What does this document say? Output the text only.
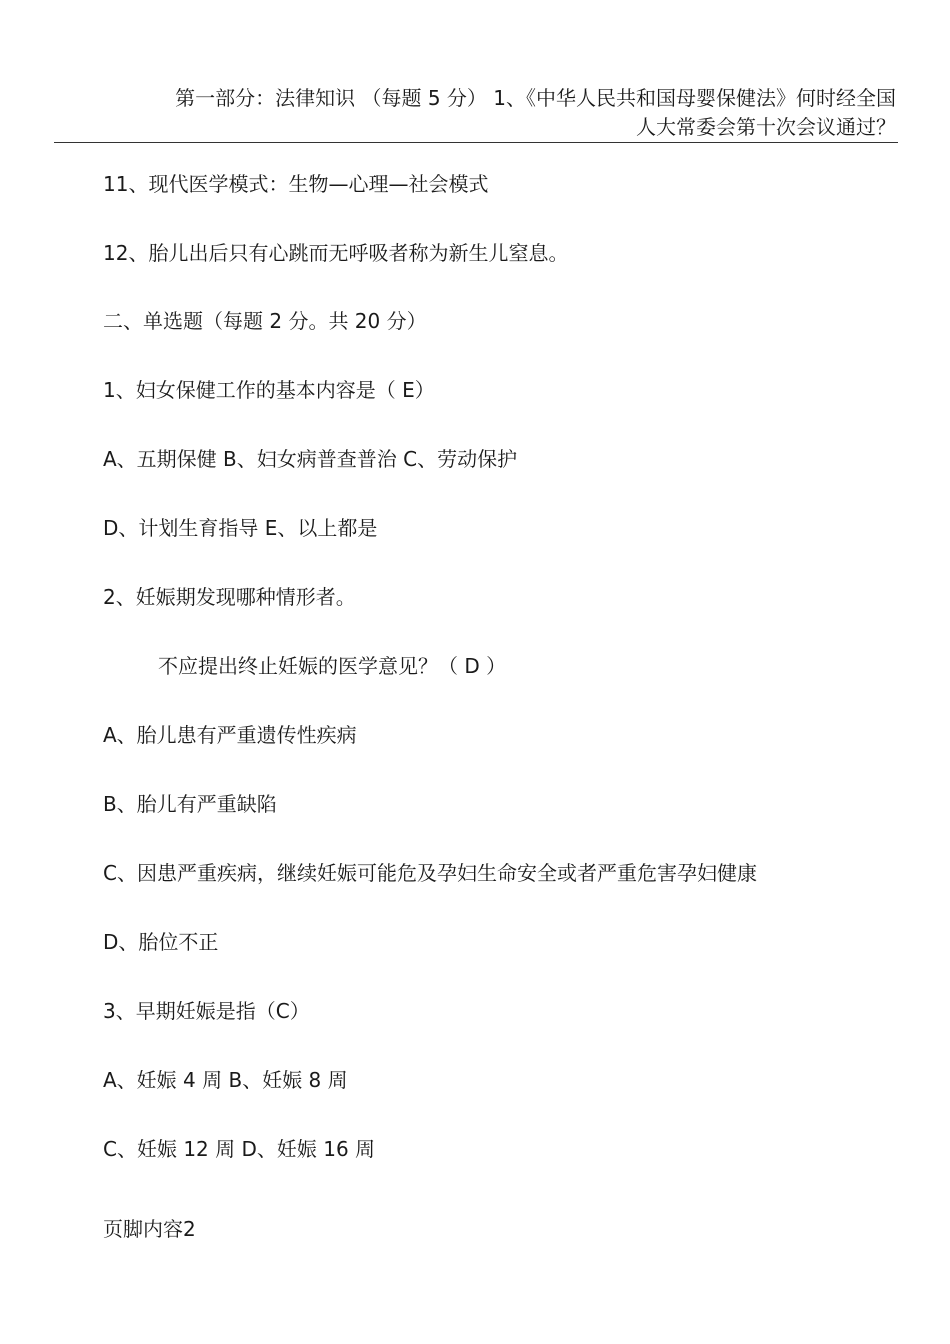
第一部分：法律知识 （每题 5 分） 1、《中华人民共和国母婴保健法》何时经全国
人大常委会第十次会议通过？
11、现代医学模式：生物—心理—社会模式
12、胎儿出后只有心跳而无呼吸者称为新生儿窒息。
二、单选题（每题 2 分。共 20 分）
1、妇女保健工作的基本内容是（ E）
A、五期保健 B、妇女病普查普治 C、劳动保护
D、计划生育指导 E、以上都是
2、妊娠期发现哪种情形者。
不应提出终止妊娠的医学意见？（ D ）
A、胎儿患有严重遗传性疾病
B、胎儿有严重缺陷
C、因患严重疾病，继续妊娠可能危及孕妇生命安全或者严重危害孕妇健康
D、胎位不正
3、早期妊娠是指（C）
A、妊娠 4 周 B、妊娠 8 周
C、妊娠 12 周 D、妊娠 16 周
页脚内容2
